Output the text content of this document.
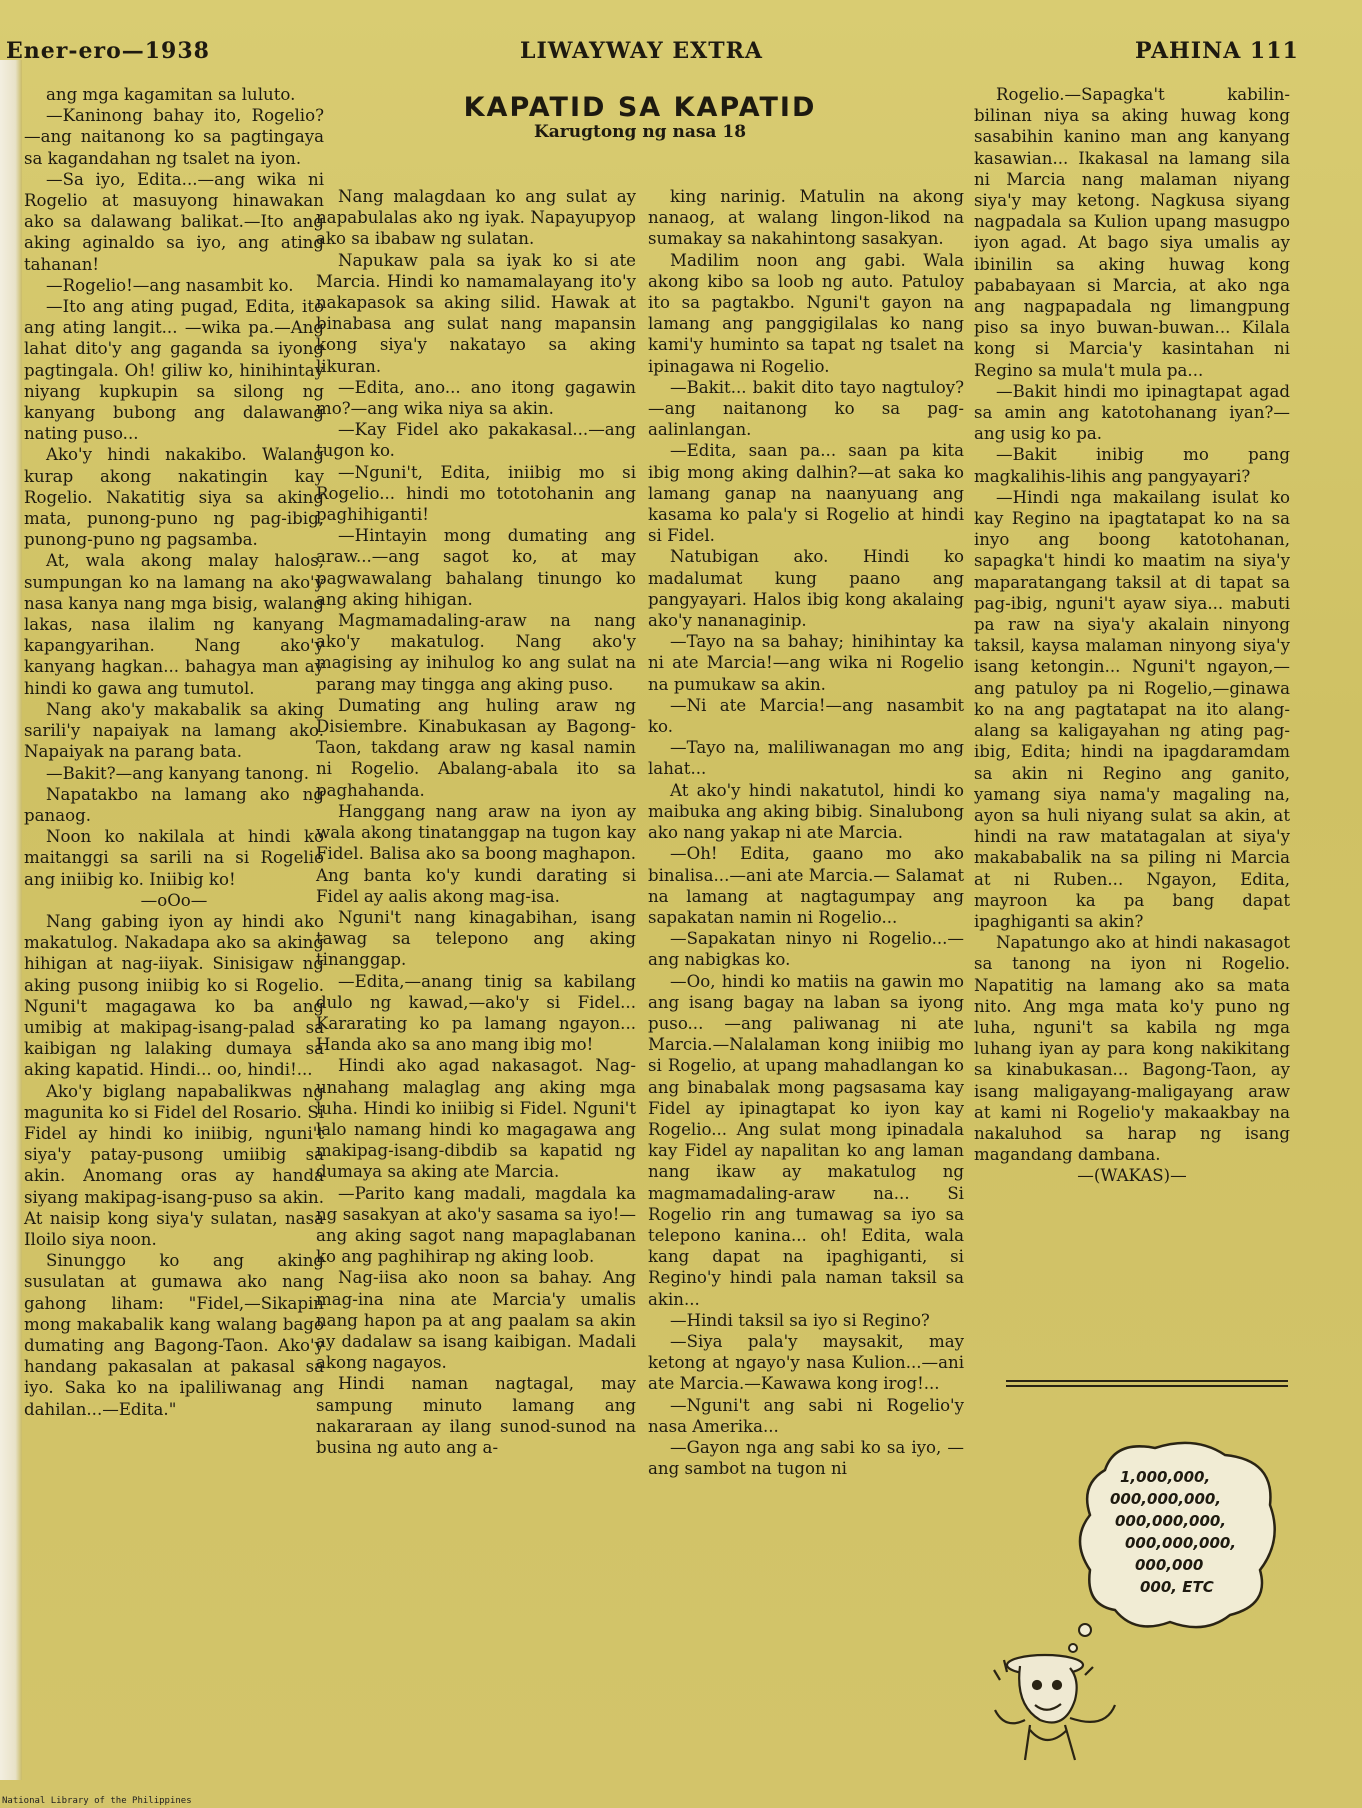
Ener‑ero—1938	LIWAYWAY EXTRA	PAHINA 111
KAPATID SA KAPATID
Karugtong ng nasa 18

ang mga kagamitan sa luluto.

—Kaninong bahay ito, Rogelio?—ang naitanong ko sa pagtingaya sa kagandahan ng tsalet na iyon.

—Sa iyo, Edita...—ang wika ni Rogelio at masuyong hinawakan ako sa dalawang balikat.—Ito ang aking aginaldo sa iyo, ang ating tahanan!

—Rogelio!—ang nasambit ko.

—Ito ang ating pugad, Edita, ito ang ating langit... —wika pa.—Ang lahat dito'y ang gaganda sa iyong pagtingala. Oh! giliw ko, hinihintay niyang kupkupin sa silong ng kanyang bubong ang dalawang nating puso...

Ako'y hindi nakakibo. Walang kurap akong nakatingin kay Rogelio. Nakatitig siya sa aking mata, punong-puno ng pag-ibig, punong-puno ng pagsamba.

At, wala akong malay halos, sumpungan ko na lamang na ako'y nasa kanya nang mga bisig, walang lakas, nasa ilalim ng kanyang kapangyarihan. Nang ako'y kanyang hagkan... bahagya man ay hindi ko gawa ang tumutol.

Nang ako'y makabalik sa aking sarili'y napaiyak na lamang ako. Napaiyak na parang bata.

—Bakit?—ang kanyang tanong.

Napatakbo na lamang ako ng panaog.

Noon ko nakilala at hindi ko maitanggi sa sarili na si Rogelio ang iniibig ko. Iniibig ko!

—oOo—

Nang gabing iyon ay hindi ako makatulog. Nakadapa ako sa aking hihigan at nag-iiyak. Sinisigaw ng aking pusong iniibig ko si Rogelio. Nguni't magagawa ko ba ang umibig at makipag-isang-palad sa kaibigan ng lalaking dumaya sa aking kapatid. Hindi... oo, hindi!...

Ako'y biglang napabalikwas ng magunita ko si Fidel del Rosario. Si Fidel ay hindi ko iniibig, nguni't siya'y patay-pusong umiibig sa akin. Anomang oras ay handa siyang makipag-isang-puso sa akin. At naisip kong siya'y sulatan, nasa Iloilo siya noon.

Sinunggo ko ang aking susulatan at gumawa ako nang gahong liham: "Fidel,—Sikapin mong makabalik kang walang bago dumating ang Bagong-Taon. Ako'y handang pakasalan at pakasal sa iyo. Saka ko na ipaliliwanag ang dahilan...—Edita."

Nang malagdaan ko ang sulat ay napabulalas ako ng iyak. Napayupyop ako sa ibabaw ng sulatan.

Napukaw pala sa iyak ko si ate Marcia. Hindi ko namamalayang ito'y nakapasok sa aking silid. Hawak at binabasa ang sulat nang mapansin kong siya'y nakatayo sa aking likuran.

—Edita, ano... ano itong gagawin mo?—ang wika niya sa akin.

—Kay Fidel ako pakakasal...—ang tugon ko.

—Nguni't, Edita, iniibig mo si Rogelio... hindi mo tototohanin ang paghihiganti!

—Hintayin mong dumating ang araw...—ang sagot ko, at may pagwawalang bahalang tinungo ko ang aking hihigan.

Magmamadaling-araw na nang ako'y makatulog. Nang ako'y magising ay inihulog ko ang sulat na parang may tingga ang aking puso.

Dumating ang huling araw ng Disiembre. Kinabukasan ay Bagong-Taon, takdang araw ng kasal namin ni Rogelio. Abalang-abala ito sa paghahanda.

Hanggang nang araw na iyon ay wala akong tinatanggap na tugon kay Fidel. Balisa ako sa boong maghapon. Ang banta ko'y kundi darating si Fidel ay aalis akong mag-isa.

Nguni't nang kinagabihan, isang tawag sa telepono ang aking tinanggap.

—Edita,—anang tinig sa kabilang dulo ng kawad,—ako'y si Fidel... Kararating ko pa lamang ngayon... Handa ako sa ano mang ibig mo!

Hindi ako agad nakasagot. Nag-unahang malaglag ang aking mga luha. Hindi ko iniibig si Fidel. Nguni't lalo namang hindi ko magagawa ang makipag-isang-dibdib sa kapatid ng dumaya sa aking ate Marcia.

—Parito kang madali, magdala ka ng sasakyan at ako'y sasama sa iyo!—ang aking sagot nang mapaglabanan ko ang paghihirap ng aking loob.

Nag-iisa ako noon sa bahay. Ang mag-ina nina ate Marcia'y umalis nang hapon pa at ang paalam sa akin ay dadalaw sa isang kaibigan. Madali akong nagayos.

Hindi naman nagtagal, may sampung minuto lamang ang nakararaan ay ilang sunod-sunod na busina ng auto ang a-

king narinig. Matulin na akong nanaog, at walang lingon-likod na sumakay sa nakahintong sasakyan.

Madilim noon ang gabi. Wala akong kibo sa loob ng auto. Patuloy ito sa pagtakbo. Nguni't gayon na lamang ang panggigilalas ko nang kami'y huminto sa tapat ng tsalet na ipinagawa ni Rogelio.

—Bakit... bakit dito tayo nagtuloy?—ang naitanong ko sa pag-aalinlangan.

—Edita, saan pa... saan pa kita ibig mong aking dalhin?—at saka ko lamang ganap na naanyuang ang kasama ko pala'y si Rogelio at hindi si Fidel.

Natubigan ako. Hindi ko madalumat kung paano ang pangyayari. Halos ibig kong akalaing ako'y nananaginip.

—Tayo na sa bahay; hinihintay ka ni ate Marcia!—ang wika ni Rogelio na pumukaw sa akin.

—Ni ate Marcia!—ang nasambit ko.

—Tayo na, maliliwanagan mo ang lahat...

At ako'y hindi nakatutol, hindi ko maibuka ang aking bibig. Sinalubong ako nang yakap ni ate Marcia.

—Oh! Edita, gaano mo ako binalisa...—ani ate Marcia.— Salamat na lamang at nagtagumpay ang sapakatan namin ni Rogelio...

—Sapakatan ninyo ni Rogelio...—ang nabigkas ko.

—Oo, hindi ko matiis na gawin mo ang isang bagay na laban sa iyong puso... —ang paliwanag ni ate Marcia.—Nalalaman kong iniibig mo si Rogelio, at upang mahadlangan ko ang binabalak mong pagsasama kay Fidel ay ipinagtapat ko iyon kay Rogelio... Ang sulat mong ipinadala kay Fidel ay napalitan ko ang laman nang ikaw ay makatulog ng magmamadaling-araw na... Si Rogelio rin ang tumawag sa iyo sa telepono kanina... oh! Edita, wala kang dapat na ipaghiganti, si Regino'y hindi pala naman taksil sa akin...

—Hindi taksil sa iyo si Regino?

—Siya pala'y maysakit, may ketong at ngayo'y nasa Kulion...—ani ate Marcia.—Kawawa kong irog!...

—Nguni't ang sabi ni Rogelio'y nasa Amerika...

—Gayon nga ang sabi ko sa iyo, —ang sambot na tugon ni

Rogelio.—Sapagka't kabilin-bilinan niya sa aking huwag kong sasabihin kanino man ang kanyang kasawian... Ikakasal na lamang sila ni Marcia nang malaman niyang siya'y may ketong. Nagkusa siyang nagpadala sa Kulion upang masugpo iyon agad. At bago siya umalis ay ibinilin sa aking huwag kong pababayaan si Marcia, at ako nga ang nagpapadala ng limangpung piso sa inyo buwan-buwan... Kilala kong si Marcia'y kasintahan ni Regino sa mula't mula pa...

—Bakit hindi mo ipinagtapat agad sa amin ang katotohanang iyan?—ang usig ko pa.

—Bakit inibig mo pang magkalihis-lihis ang pangyayari?

—Hindi nga makailang isulat ko kay Regino na ipagtatapat ko na sa inyo ang boong katotohanan, sapagka't hindi ko maatim na siya'y maparatangang taksil at di tapat sa pag-ibig, nguni't ayaw siya... mabuti pa raw na siya'y akalain ninyong taksil, kaysa malaman ninyong siya'y isang ketongin... Nguni't ngayon,— ang patuloy pa ni Rogelio,—ginawa ko na ang pagtatapat na ito alang-alang sa kaligayahan ng ating pag-ibig, Edita; hindi na ipagdaramdam sa akin ni Regino ang ganito, yamang siya nama'y magaling na, ayon sa huli niyang sulat sa akin, at hindi na raw matatagalan at siya'y makababalik na sa piling ni Marcia at ni Ruben... Ngayon, Edita, mayroon ka pa bang dapat ipaghiganti sa akin?

Napatungo ako at hindi nakasagot sa tanong na iyon ni Rogelio. Napatitig na lamang ako sa mata nito. Ang mga mata ko'y puno ng luha, nguni't sa kabila ng mga luhang iyan ay para kong nakikitang sa kinabukasan... Bagong-Taon, ay isang maligayang-maligayang araw at kami ni Rogelio'y makaakbay na nakaluhod sa harap ng isang magandang dambana.

—(WAKAS)—

1,000,000,
000,000,000,
000,000,000,
000,000,000,
000,000
000, ETC
National Library of the Philippines
